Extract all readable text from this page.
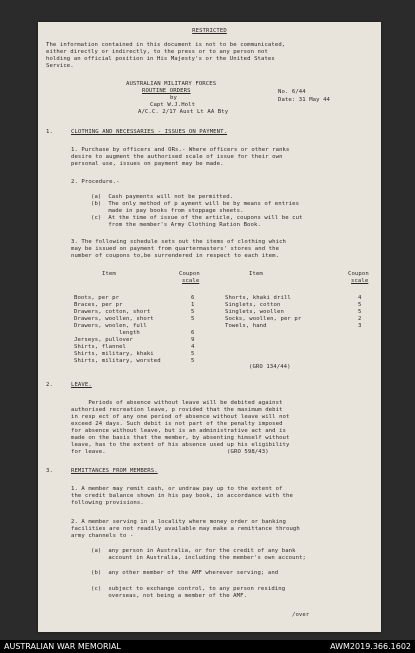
RESTRICTED
The information contained in this document is not to be communicated,
either directly or indirectly, to the press or to any person not
holding an official position in His Majesty's or the United States
Service.
AUSTRALIAN MILITARY FORCES
ROUTINE ORDERS
by
Capt W.J.Holt
A/C.C. 2/17 Aust Lt AA Bty
No. 6/44
Date: 31 May 44
1.	CLOTHING AND NECESSARIES - ISSUES ON PAYMENT.
1. Purchase by officers and ORs.- Where officers or other ranks
desire to augment the authorised scale of issue for their own
personal use, issues on payment may be made.
2. Procedure.-
(a)  Cash payments will not be permitted.
(b)  The only method of p ayment will be by means of entries
made in pay books from stoppage sheets.
(c)  At the time of issue of the article, coupons will be cut
from the member's Army Clothing Ration Book.
3. The following schedule sets out the items of clothing which
may be issued on payment from quartermasters' stores and the
number of coupons to,be surrendered in respect to each item.
Item	Coupon
scale
Item	Coupon
scale
Boots, per pr	6
Braces, per pr	1
Drawers, cotton, short	5
Drawers, woollen, short	5
Drawers, woolen, full
length	6
Jerseys, pullover	9
Shirts, flannel	4
Shirts, military, khaki	5
Shirts, military, worsted	5
Shorts, khaki drill	4
Singlets, cotton	5
Singlets, woollen	5
Socks, woollen, per pr	2
Towels, hand	3
(GRO 134/44)
2.	LEAVE.
Periods of absence without leave will be debited against
authorised recreation leave, p rovided that the maximum debit
in resp ect of any one period of absence without leave will not
exceed 24 days. Such debit is not part of the penalty imposed
for absence without leave, but is an administrative act and is
made on the basis that the member, by absenting himself without
leave, has to the extent of his absence used up his eligibility
for leave.                                   (GRO 598/43)
3.	REMITTANCES FROM MEMBERS.
1. A member may remit cash, or undraw pay up to the extent of
the credit balance shown in his pay book, in accordance with the
following provisions.
2. A member serving in a locality where money order or banking
facilities are not readily available may make a remittance through
army channels to -
(a)  any person in Australia, or for the credit of any bank
account in Australia, including the member's own account;
(b)  any other member of the AMF wherever serving; and
(c)  subject to exchange control, to any person residing
overseas, not being a member of the AMF.
/over
AUSTRALIAN WAR MEMORIAL	AWM2019.366.1602
